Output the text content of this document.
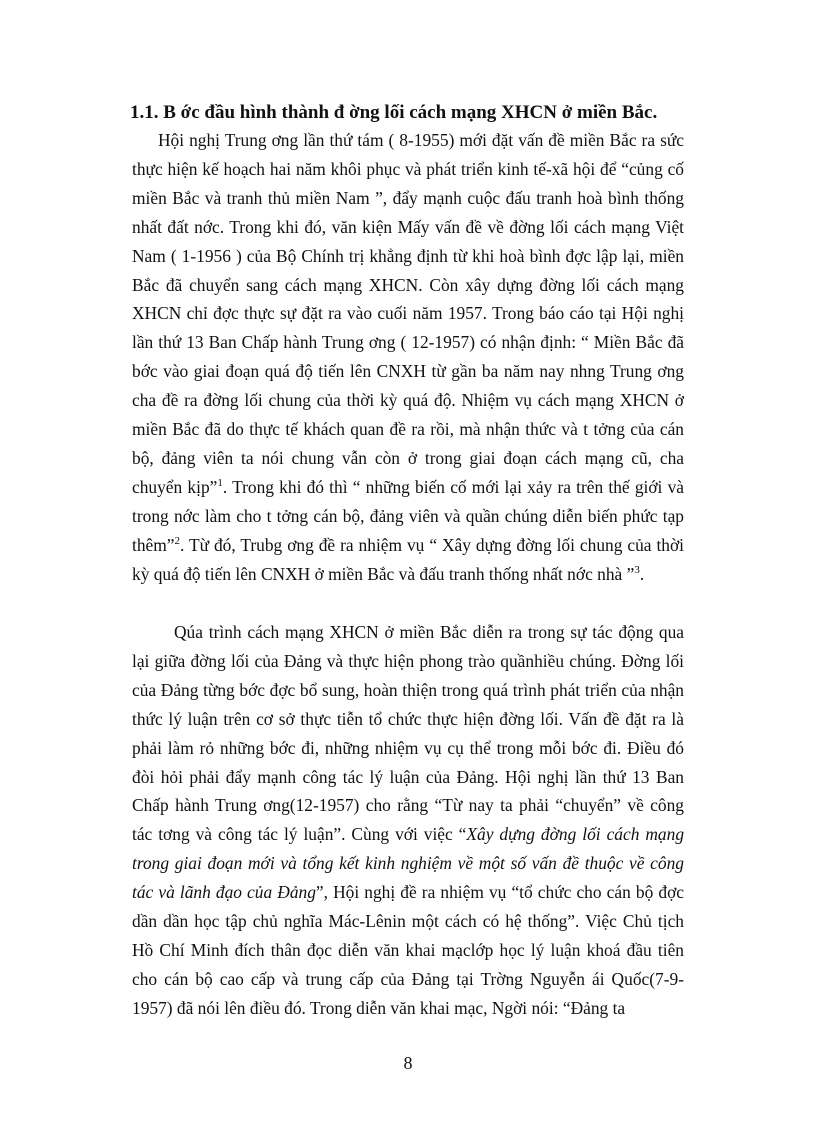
1.1. B ớc đầu hình thành đ ờng lối cách mạng XHCN ở miền Bắc.

Hội nghị Trung ơng lần thứ tám ( 8-1955) mới đặt vấn đề miền Bắc ra sức thực hiện kế hoạch hai năm khôi phục và phát triển kinh tế-xã hội để “củng cố miền Bắc và tranh thủ miền Nam ”, đẩy mạnh cuộc đấu tranh hoà bình thống nhất đất nớc. Trong khi đó, văn kiện Mấy vấn đề về đờng lối cách mạng Việt Nam ( 1-1956 ) của Bộ Chính trị khẳng định từ khi hoà bình đợc lập lại, miền Bắc đã chuyển sang cách mạng XHCN. Còn xây dựng đờng lối cách mạng XHCN chỉ đợc thực sự đặt ra vào cuối năm 1957. Trong báo cáo tại Hội nghị lần thứ 13 Ban Chấp hành Trung ơng ( 12-1957) có nhận định: “ Miền Bắc đã bớc vào giai đoạn quá độ tiến lên CNXH từ gần ba năm nay nhng Trung ơng cha đề ra đờng lối chung của thời kỳ quá độ. Nhiệm vụ cách mạng XHCN ở miền Bắc đã do thực tế khách quan đề ra rồi, mà nhận thức và t tởng của cán bộ, đảng viên ta nói chung vẫn còn ở trong giai đoạn cách mạng cũ, cha chuyển kịp”$^1$. Trong khi đó thì “ những biến cố mới lại xảy ra trên thế giới và trong nớc làm cho t tởng cán bộ, đảng viên và quần chúng diễn biến phức tạp thêm”$^2$. Từ đó, Trubg ơng đề ra nhiệm vụ “ Xây dựng đờng lối chung của thời kỳ quá độ tiến lên CNXH ở miền Bắc và đấu tranh thống nhất nớc nhà ”$^3$.

Qúa trình cách mạng XHCN ở miền Bắc diễn ra trong sự tác động qua lại giữa đờng lối của Đảng và thực hiện phong trào quầnhiều chúng. Đờng lối của Đảng từng bớc đợc bổ sung, hoàn thiện trong quá trình phát triển của nhận thức lý luận trên cơ sở thực tiễn tổ chức thực hiện đờng lối. Vấn đề đặt ra là phải làm rỏ những bớc đi, những nhiệm vụ cụ thể trong mỗi bớc đi. Điều đó đòi hỏi phải đẩy mạnh công tác lý luận của Đảng. Hội nghị lần thứ 13 Ban Chấp hành Trung ơng(12-1957) cho rằng “Từ nay ta phải “chuyển” về công tác tơng và công tác lý luận”. Cùng với việc “Xây dựng đờng lối cách mạng trong giai đoạn mới và tổng kết kinh nghiệm về một số vấn đề thuộc về công tác và lãnh đạo của Đảng”, Hội nghị đề ra nhiệm vụ “tổ chức cho cán bộ đợc dần dần học tập chủ nghĩa Mác-Lênin một cách có hệ thống”. Việc Chủ tịch Hồ Chí Minh đích thân đọc diễn văn khai mạclớp học lý luận khoá đầu tiên cho cán bộ cao cấp và trung cấp của Đảng tại Trờng Nguyễn ái Quốc(7-9-1957) đã nói lên điều đó. Trong diễn văn khai mạc, Ngời nói: “Đảng ta

8
